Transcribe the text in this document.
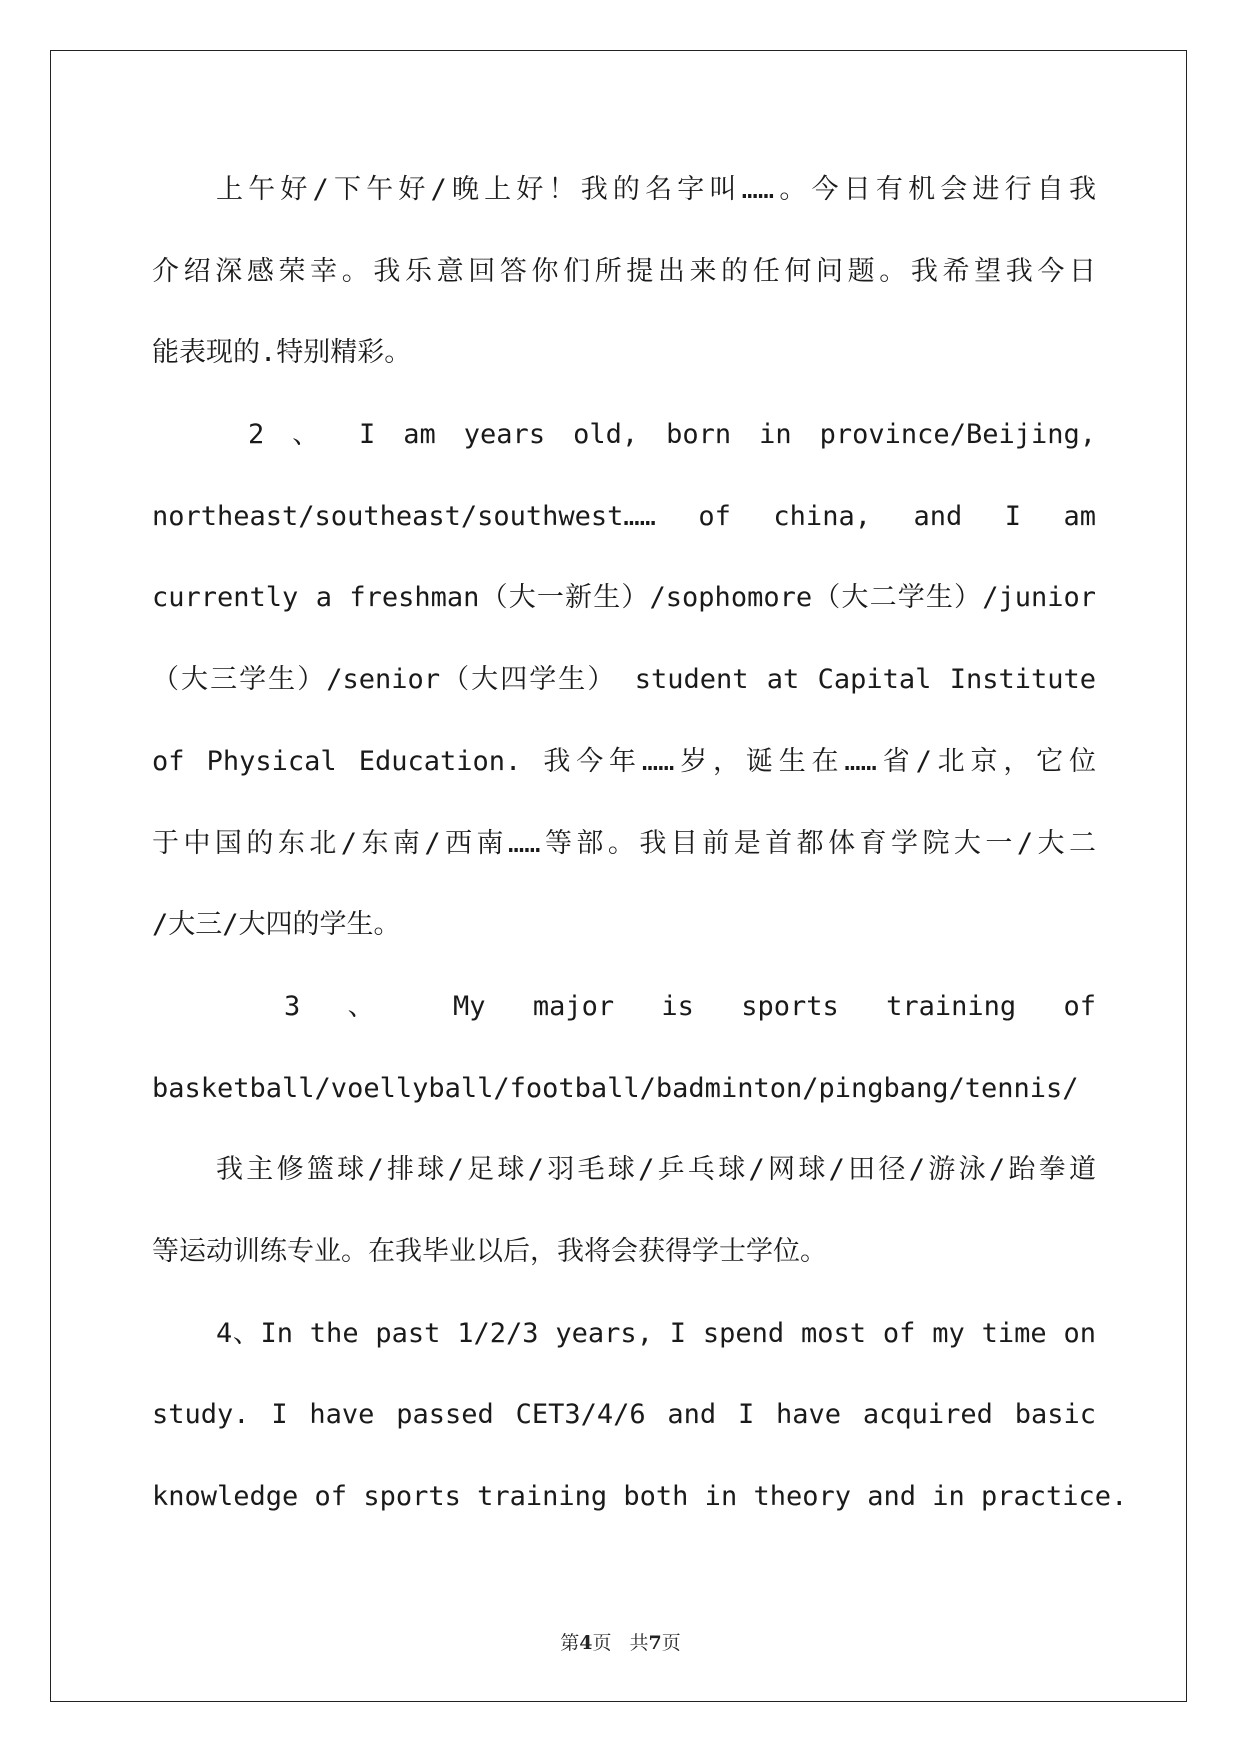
上午好/下午好/晚上好！我的名字叫……。今日有机会进行自我
介绍深感荣幸。我乐意回答你们所提出来的任何问题。我希望我今日
能表现的.特别精彩。
2 、 I am years old, born in province/Beijing,
northeast/southeast/southwest…… of china, and I am
currently a freshman（大一新生）/sophomore（大二学生）/junior
（大三学生）/senior（大四学生） student at Capital Institute
of Physical Education. 我今年……岁，诞生在……省/北京，它位
于中国的东北/东南/西南……等部。我目前是首都体育学院大一/大二
/大三/大四的学生。
3 、 My major is sports training of
basketball/voellyball/football/badminton/pingbang/tennis/
我主修篮球/排球/足球/羽毛球/乒乓球/网球/田径/游泳/跆拳道
等运动训练专业。在我毕业以后，我将会获得学士学位。
4、In the past 1/2/3 years, I spend most of my time on
study. I have passed CET3/4/6 and I have acquired basic
knowledge of sports training both in theory and in practice.
第4页 共7页
